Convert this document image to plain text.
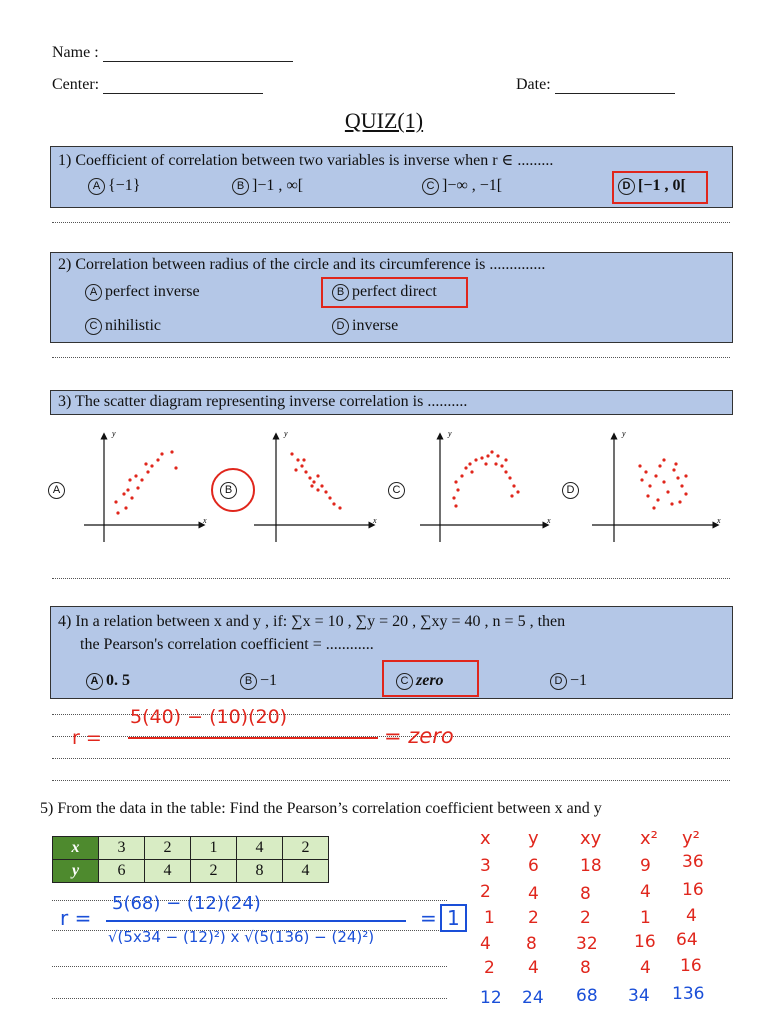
Name :
Center:	Date:
QUIZ(1)
1) Coefficient of correlation between two variables is inverse when r ∈ .........
A {−1}	B ]−1 , ∞[	C ]−∞ , −1[	D [−1 , 0[
2) Correlation between radius of the circle and its circumference is ..............
A perfect inverse	B perfect direct
C nihilistic	D inverse
3) The scatter diagram representing inverse correlation is ..........
A	B	C	D
x
y
x
y
x
y
x
y
4) In a relation between x and y , if: ∑x = 10 , ∑y = 20 , ∑xy = 40 , n = 5 , then
the Pearson's correlation coefficient = ............
A 0. 5	B −1	C zero	D −1
r =
5(40) − (10)(20)
= zero
5) From the data in the table: Find the Pearson’s correlation coefficient between x and y
x	3	2	1	4	2
y	6	4	2	8	4
r =
5(68) − (12)(24)
√(5x34 − (12)²) x √(5(136) − (24)²)
= 1
x y xy x² y²
3 6 18 9 36
2 4 8	4 16
1 2 2	1 4
4 8 32 16 64
2 4 8	4 16
12 24 68 34 136
